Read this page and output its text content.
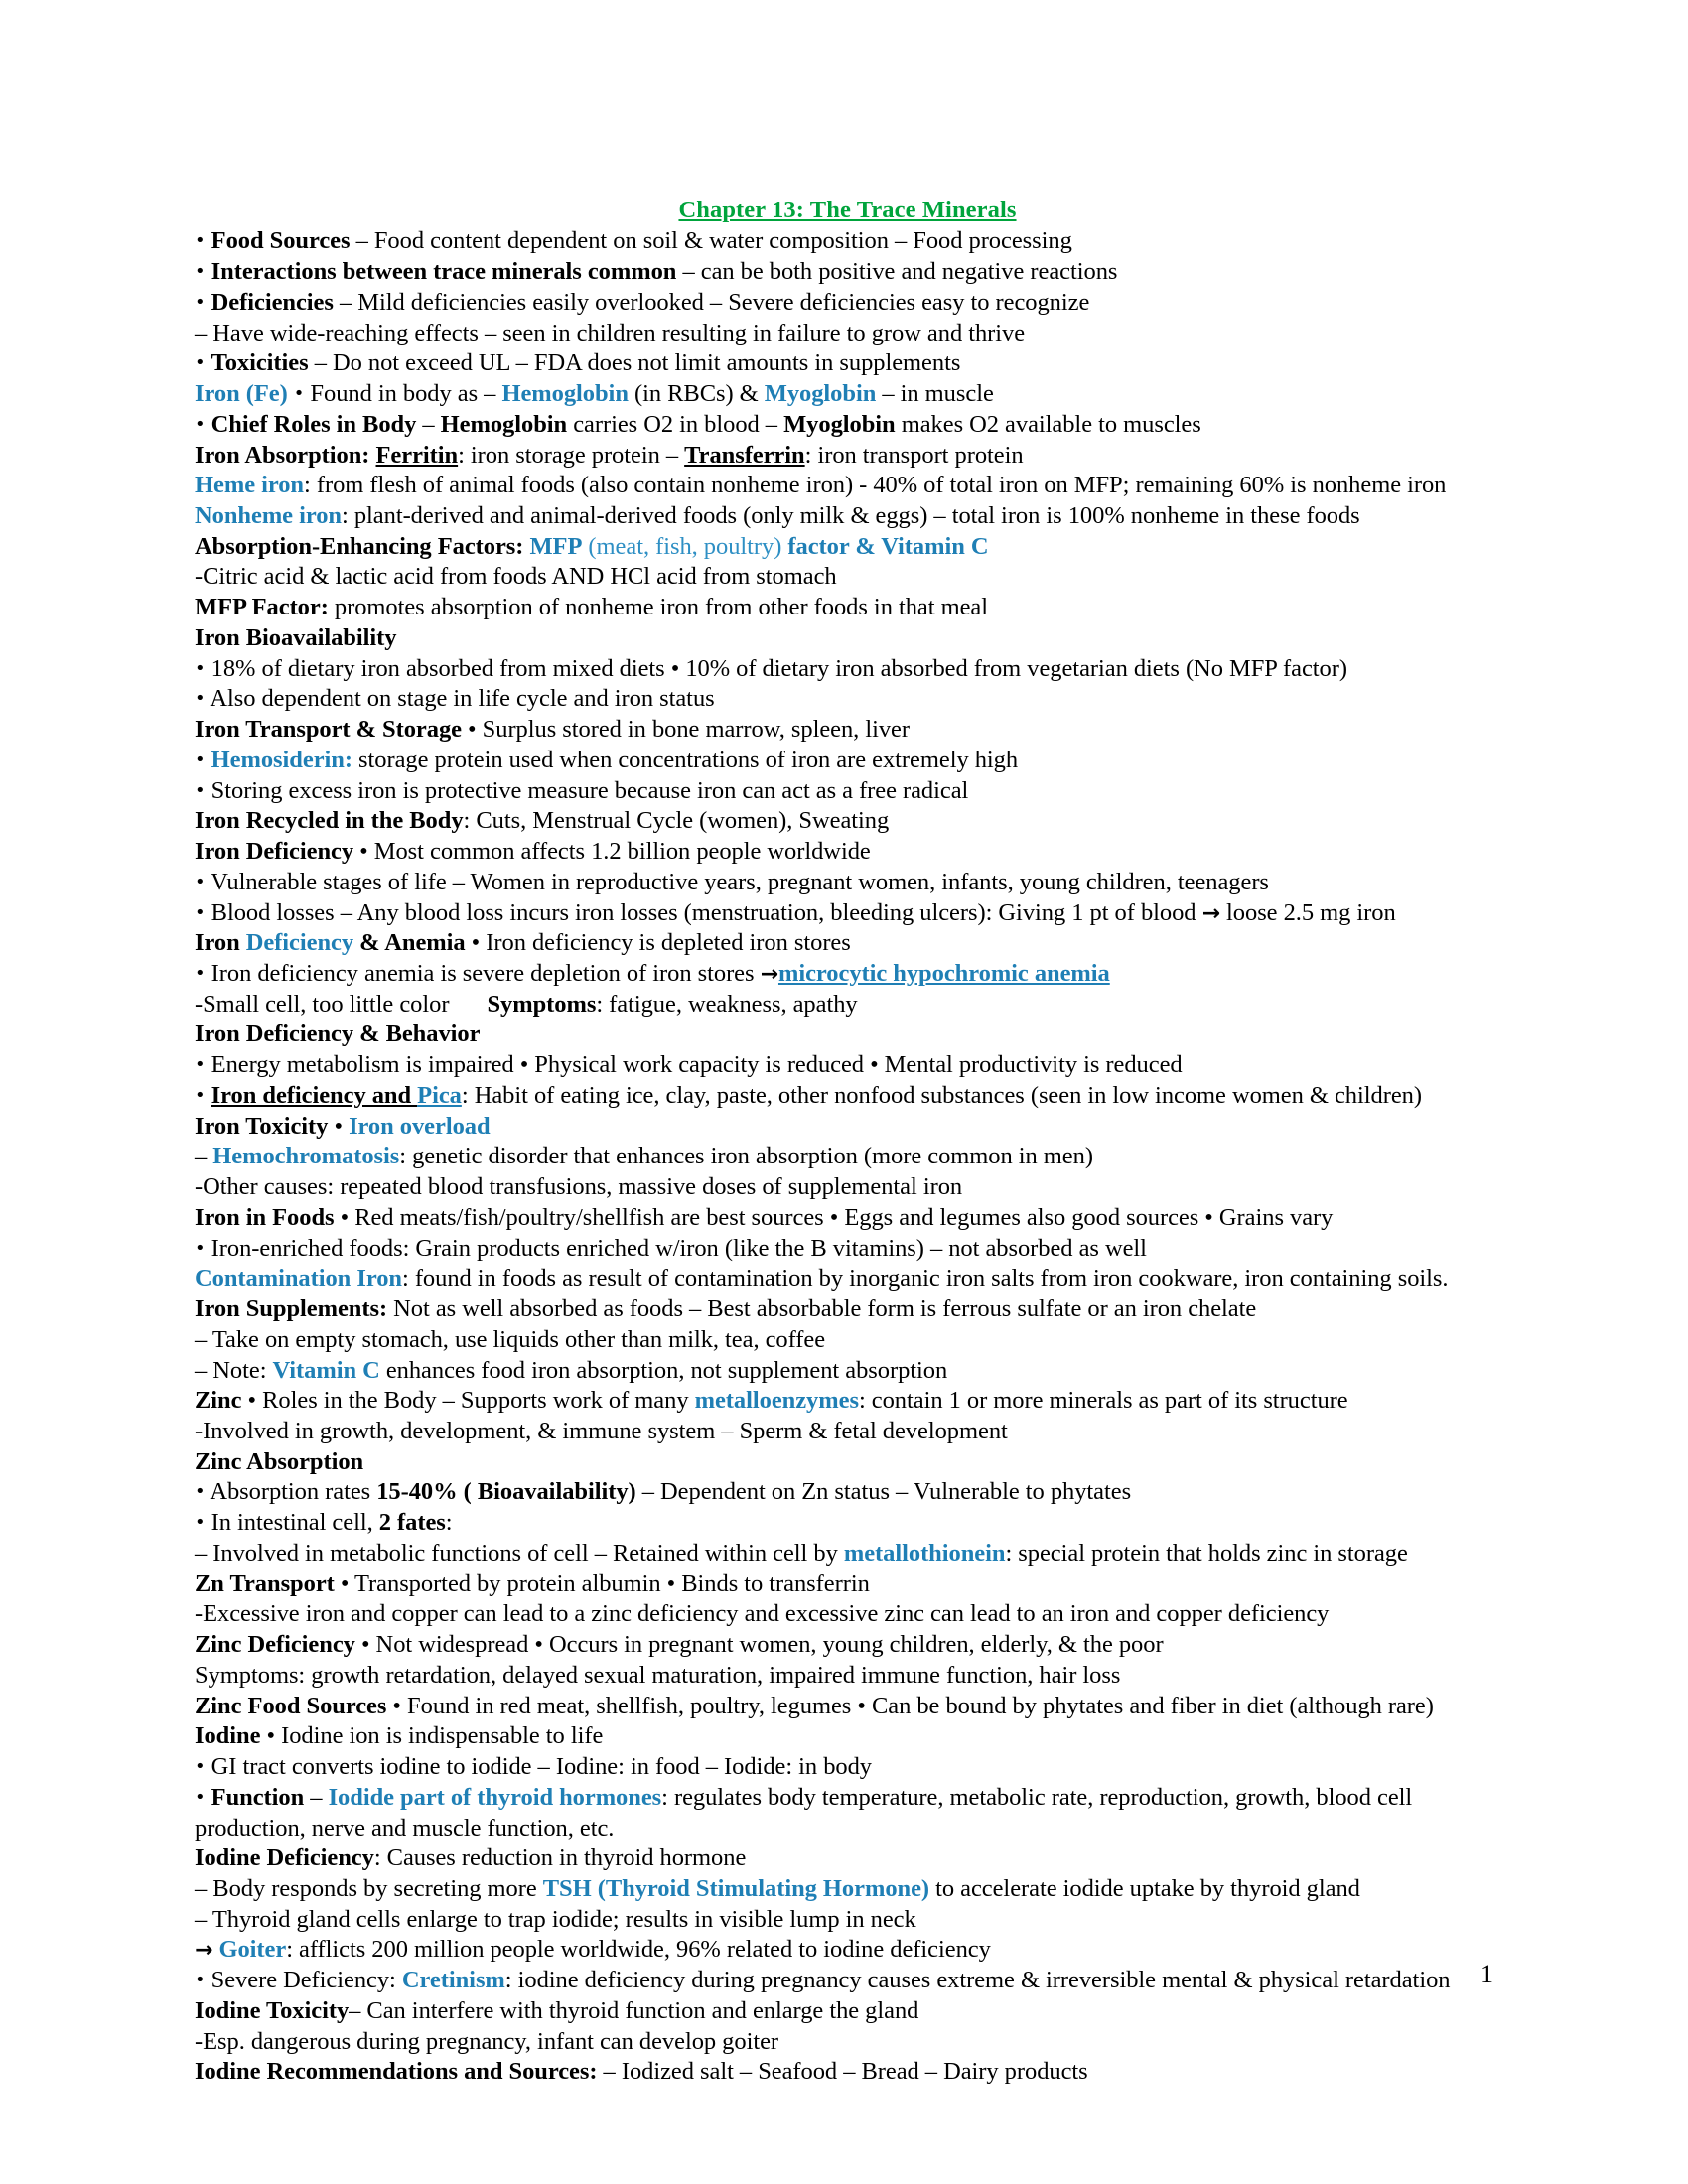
Chapter 13: The Trace Minerals

• Food Sources – Food content dependent on soil & water composition – Food processing

• Interactions between trace minerals common – can be both positive and negative reactions

• Deficiencies – Mild deficiencies easily overlooked – Severe deficiencies easy to recognize

– Have wide-reaching effects – seen in children resulting in failure to grow and thrive

• Toxicities – Do not exceed UL – FDA does not limit amounts in supplements

Iron (Fe) • Found in body as – Hemoglobin (in RBCs) & Myoglobin – in muscle

• Chief Roles in Body – Hemoglobin carries O2 in blood – Myoglobin makes O2 available to muscles

Iron Absorption: Ferritin: iron storage protein – Transferrin: iron transport protein

Heme iron: from flesh of animal foods (also contain nonheme iron) - 40% of total iron on MFP; remaining 60% is nonheme iron

Nonheme iron: plant-derived and animal-derived foods (only milk & eggs) – total iron is 100% nonheme in these foods

Absorption-Enhancing Factors: MFP (meat, fish, poultry) factor & Vitamin C

-Citric acid & lactic acid from foods AND HCl acid from stomach

MFP Factor: promotes absorption of nonheme iron from other foods in that meal

Iron Bioavailability

• 18% of dietary iron absorbed from mixed diets • 10% of dietary iron absorbed from vegetarian diets (No MFP factor)

• Also dependent on stage in life cycle and iron status

Iron Transport & Storage • Surplus stored in bone marrow, spleen, liver

• Hemosiderin: storage protein used when concentrations of iron are extremely high

• Storing excess iron is protective measure because iron can act as a free radical

Iron Recycled in the Body: Cuts, Menstrual Cycle (women), Sweating

Iron Deficiency • Most common affects 1.2 billion people worldwide

• Vulnerable stages of life – Women in reproductive years, pregnant women, infants, young children, teenagers

• Blood losses – Any blood loss incurs iron losses (menstruation, bleeding ulcers): Giving 1 pt of blood → loose 2.5 mg iron

Iron Deficiency & Anemia • Iron deficiency is depleted iron stores

• Iron deficiency anemia is severe depletion of iron stores →microcytic hypochromic anemia

-Small cell, too little color Symptoms: fatigue, weakness, apathy

Iron Deficiency & Behavior

• Energy metabolism is impaired • Physical work capacity is reduced • Mental productivity is reduced

• Iron deficiency and Pica: Habit of eating ice, clay, paste, other nonfood substances (seen in low income women & children)

Iron Toxicity • Iron overload

– Hemochromatosis: genetic disorder that enhances iron absorption (more common in men)

-Other causes: repeated blood transfusions, massive doses of supplemental iron

Iron in Foods • Red meats/fish/poultry/shellfish are best sources • Eggs and legumes also good sources • Grains vary

• Iron-enriched foods: Grain products enriched w/iron (like the B vitamins) – not absorbed as well

Contamination Iron: found in foods as result of contamination by inorganic iron salts from iron cookware, iron containing soils.

Iron Supplements: Not as well absorbed as foods – Best absorbable form is ferrous sulfate or an iron chelate

– Take on empty stomach, use liquids other than milk, tea, coffee

– Note: Vitamin C enhances food iron absorption, not supplement absorption

Zinc • Roles in the Body – Supports work of many metalloenzymes: contain 1 or more minerals as part of its structure

-Involved in growth, development, & immune system – Sperm & fetal development

Zinc Absorption

• Absorption rates 15-40% ( Bioavailability) – Dependent on Zn status – Vulnerable to phytates

• In intestinal cell, 2 fates:

– Involved in metabolic functions of cell – Retained within cell by metallothionein: special protein that holds zinc in storage

Zn Transport • Transported by protein albumin • Binds to transferrin

-Excessive iron and copper can lead to a zinc deficiency and excessive zinc can lead to an iron and copper deficiency

Zinc Deficiency • Not widespread • Occurs in pregnant women, young children, elderly, & the poor

Symptoms: growth retardation, delayed sexual maturation, impaired immune function, hair loss

Zinc Food Sources • Found in red meat, shellfish, poultry, legumes • Can be bound by phytates and fiber in diet (although rare)

Iodine • Iodine ion is indispensable to life

• GI tract converts iodine to iodide – Iodine: in food – Iodide: in body

• Function – Iodide part of thyroid hormones: regulates body temperature, metabolic rate, reproduction, growth, blood cell production, nerve and muscle function, etc.

Iodine Deficiency: Causes reduction in thyroid hormone

– Body responds by secreting more TSH (Thyroid Stimulating Hormone) to accelerate iodide uptake by thyroid gland

– Thyroid gland cells enlarge to trap iodide; results in visible lump in neck

→ Goiter: afflicts 200 million people worldwide, 96% related to iodine deficiency

• Severe Deficiency: Cretinism: iodine deficiency during pregnancy causes extreme & irreversible mental & physical retardation

Iodine Toxicity– Can interfere with thyroid function and enlarge the gland

-Esp. dangerous during pregnancy, infant can develop goiter

Iodine Recommendations and Sources: – Iodized salt – Seafood – Bread – Dairy products

1
